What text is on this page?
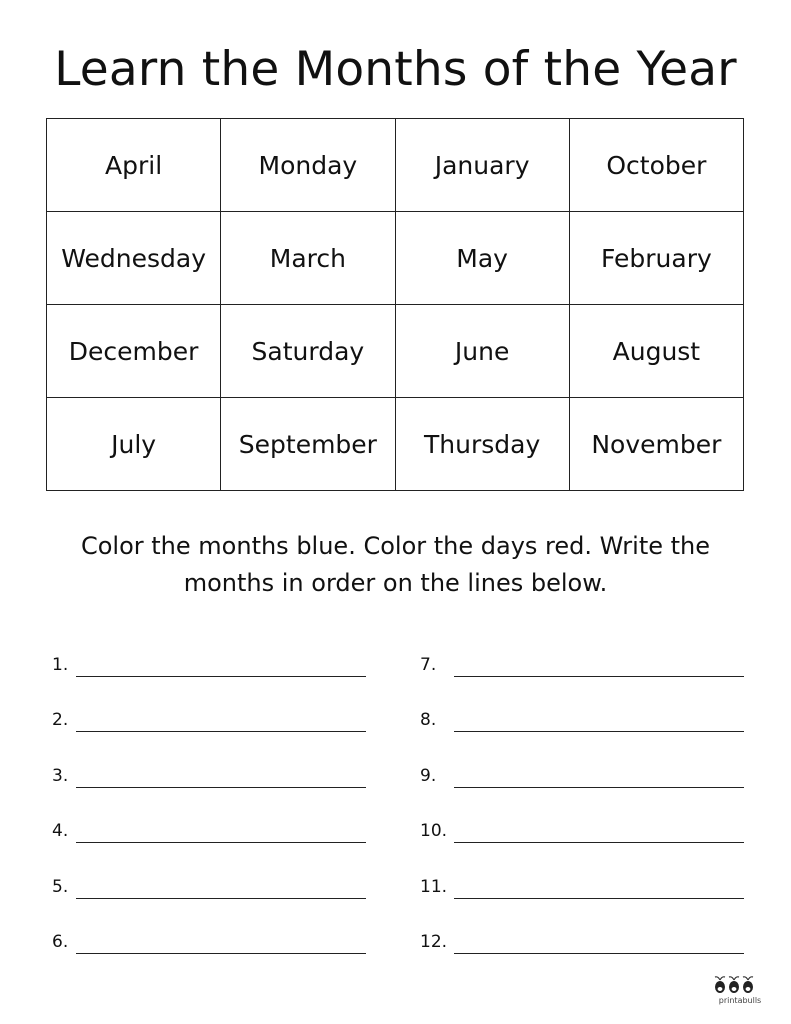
Learn the Months of the Year
April	Monday	January	October
Wednesday	March	May	February
December	Saturday	June	August
July	September	Thursday	November

Color the months blue. Color the days red. Write the
months in order on the lines below.

1.
2.
3.
4.
5.
6.
7.
8.
9.
10.
11.
12.
printabulls
